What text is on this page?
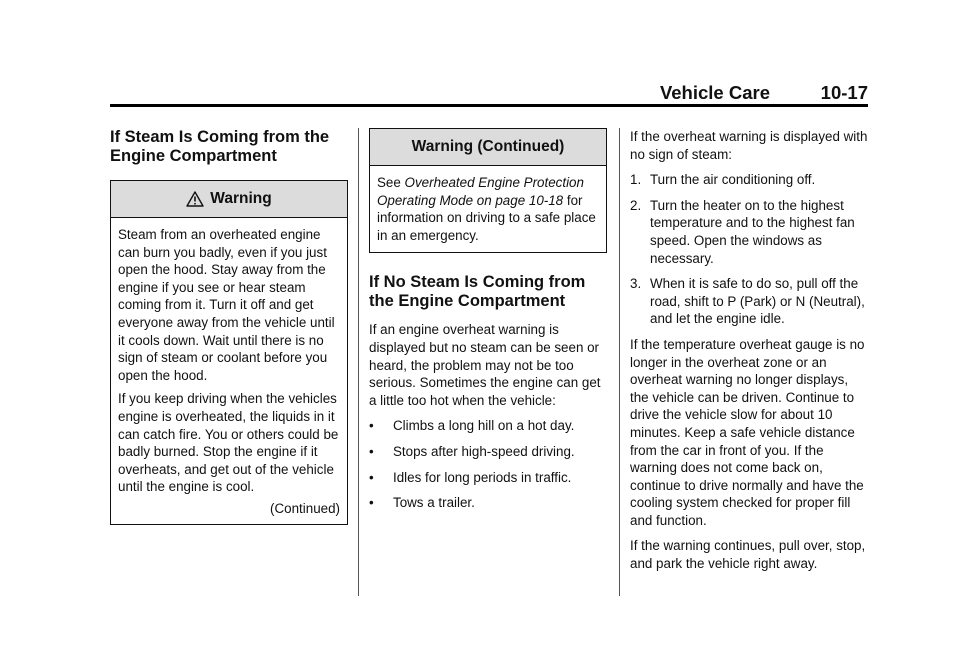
Vehicle Care	10-17
If Steam Is Coming from the
Engine Compartment
Warning

Steam from an overheated engine can burn you badly, even if you just open the hood. Stay away from the engine if you see or hear steam coming from it. Turn it off and get everyone away from the vehicle until it cools down. Wait until there is no sign of steam or coolant before you open the hood.

If you keep driving when the vehicles engine is overheated, the liquids in it can catch fire. You or others could be badly burned. Stop the engine if it overheats, and get out of the vehicle until the engine is cool.

(Continued)
Warning (Continued)

See Overheated Engine Protection Operating Mode on page 10-18 for information on driving to a safe place in an emergency.

If No Steam Is Coming from
the Engine Compartment

If an engine overheat warning is displayed but no steam can be seen or heard, the problem may not be too serious. Sometimes the engine can get a little too hot when the vehicle:

•	Climbs a long hill on a hot day.
•	Stops after high-speed driving.
•	Idles for long periods in traffic.
•	Tows a trailer.

If the overheat warning is displayed with no sign of steam:

1. Turn the air conditioning off.
2. Turn the heater on to the highest temperature and to the highest fan speed. Open the windows as necessary.
3. When it is safe to do so, pull off the road, shift to P (Park) or N (Neutral), and let the engine idle.

If the temperature overheat gauge is no longer in the overheat zone or an overheat warning no longer displays, the vehicle can be driven. Continue to drive the vehicle slow for about 10 minutes. Keep a safe vehicle distance from the car in front of you. If the warning does not come back on, continue to drive normally and have the cooling system checked for proper fill and function.

If the warning continues, pull over, stop, and park the vehicle right away.
